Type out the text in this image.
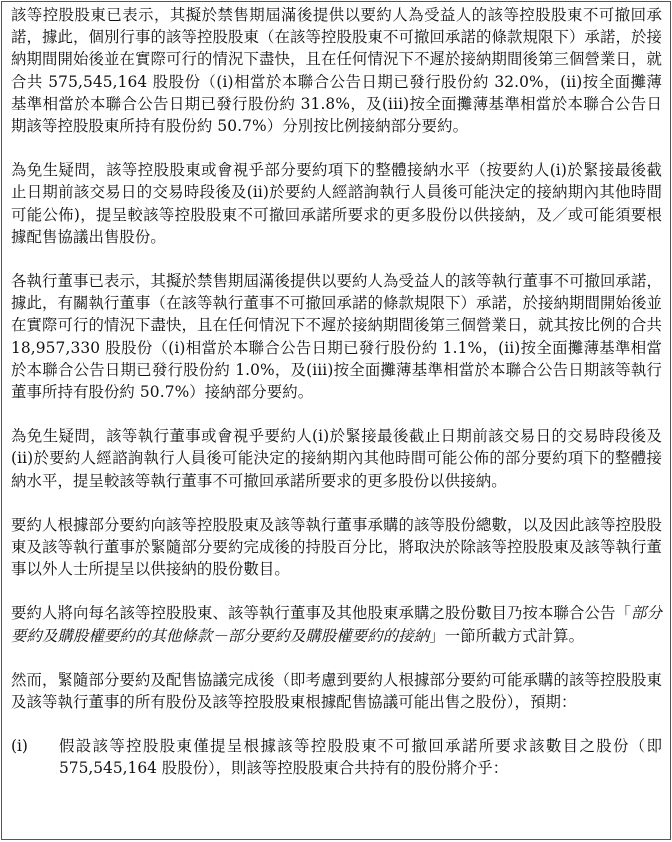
該等控股股東已表示，其擬於禁售期屆滿後提供以要約人為受益人的該等控股股東不可撤回承諾，據此，個別行事的該等控股股東（在該等控股股東不可撤回承諾的條款規限下）承諾，於接納期間開始後並在實際可行的情況下盡快，且在任何情況下不遲於接納期間後第三個營業日，就合共 575,545,164 股股份（(i)相當於本聯合公告日期已發行股份約 32.0%，(ii)按全面攤薄基準相當於本聯合公告日期已發行股份約 31.8%，及(iii)按全面攤薄基準相當於本聯合公告日期該等控股股東所持有股份約 50.7%）分別按比例接納部分要約。

為免生疑問，該等控股股東或會視乎部分要約項下的整體接納水平（按要約人(i)於緊接最後截止日期前該交易日的交易時段後及(ii)於要約人經諮詢執行人員後可能決定的接納期內其他時間可能公佈)，提呈較該等控股股東不可撤回承諾所要求的更多股份以供接納，及／或可能須要根據配售協議出售股份。

各執行董事已表示，其擬於禁售期屆滿後提供以要約人為受益人的該等執行董事不可撤回承諾，據此，有關執行董事（在該等執行董事不可撤回承諾的條款規限下）承諾，於接納期間開始後並在實際可行的情況下盡快，且在任何情況下不遲於接納期間後第三個營業日，就其按比例的合共 18,957,330 股股份（(i)相當於本聯合公告日期已發行股份約 1.1%，(ii)按全面攤薄基準相當於本聯合公告日期已發行股份約 1.0%，及(iii)按全面攤薄基準相當於本聯合公告日期該等執行董事所持有股份約 50.7%）接納部分要約。

為免生疑問，該等執行董事或會視乎要約人(i)於緊接最後截止日期前該交易日的交易時段後及(ii)於要約人經諮詢執行人員後可能決定的接納期內其他時間可能公佈的部分要約項下的整體接納水平，提呈較該等執行董事不可撤回承諾所要求的更多股份以供接納。

要約人根據部分要約向該等控股股東及該等執行董事承購的該等股份總數，以及因此該等控股股東及該等執行董事於緊隨部分要約完成後的持股百分比，將取決於除該等控股股東及該等執行董事以外人士所提呈以供接納的股份數目。

要約人將向每名該等控股股東、該等執行董事及其他股東承購之股份數目乃按本聯合公告「部分要約及購股權要約的其他條款－部分要約及購股權要約的接納」一節所載方式計算。

然而，緊隨部分要約及配售協議完成後（即考慮到要約人根據部分要約可能承購的該等控股股東及該等執行董事的所有股份及該等控股股東根據配售協議可能出售之股份），預期：

(i)	假設該等控股股東僅提呈根據該等控股股東不可撤回承諾所要求該數目之股份（即 575,545,164 股股份），則該等控股股東合共持有的股份將介乎：
